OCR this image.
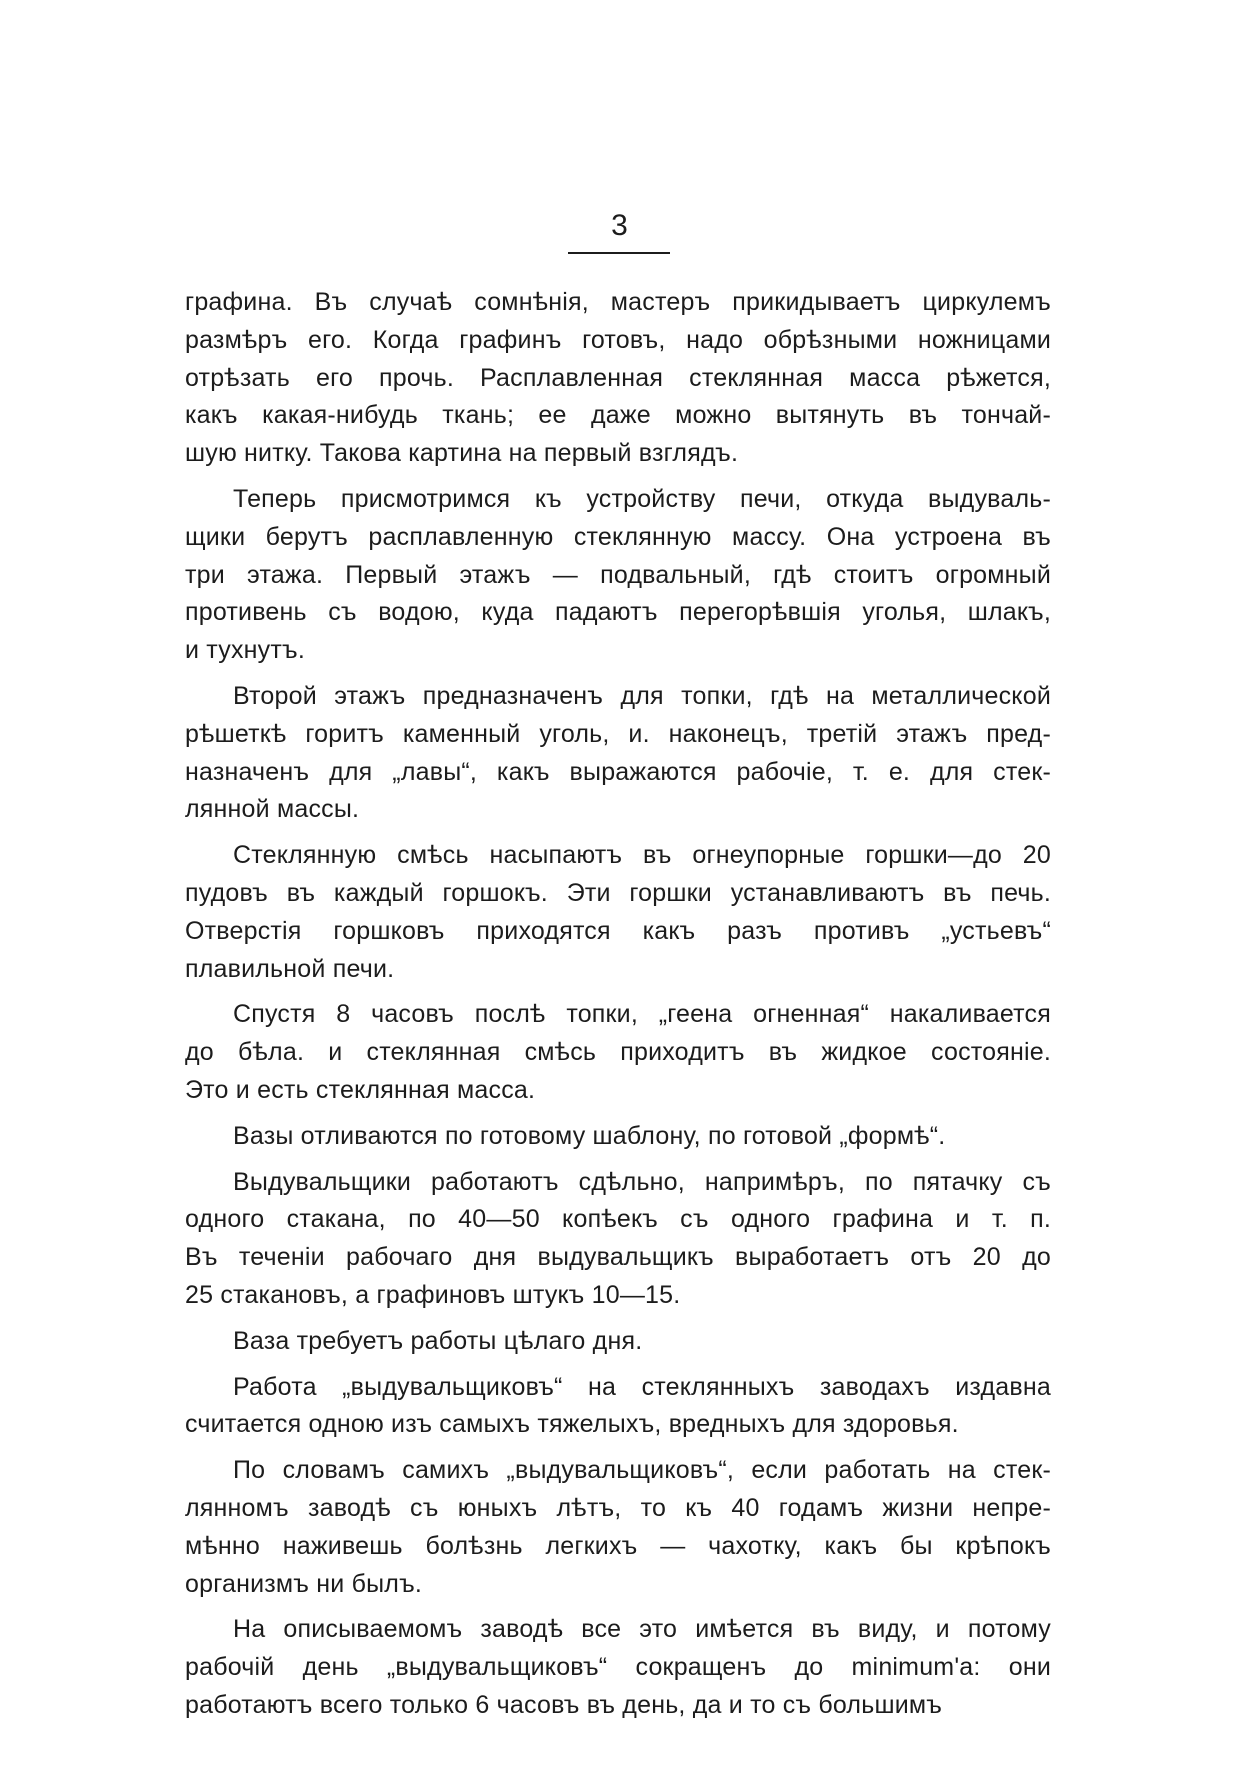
3
графина. Въ случаѣ сомнѣнія, мастеръ прикидываетъ циркулемъ
размѣръ его. Когда графинъ готовъ, надо обрѣзными ножницами
отрѣзать его прочь. Расплавленная стеклянная масса рѣжется,
какъ какая-нибудь ткань; ее даже можно вытянуть въ тончай-
шую нитку. Такова картина на первый взглядъ.
Теперь присмотримся къ устройству печи, откуда выдуваль-
щики берутъ расплавленную стеклянную массу. Она устроена въ
три этажа. Первый этажъ — подвальный, гдѣ стоитъ огромный
противень съ водою, куда падаютъ перегорѣвшія уголья, шлакъ,
и тухнутъ.
Второй этажъ предназначенъ для топки, гдѣ на металлической
рѣшеткѣ горитъ каменный уголь, и. наконецъ, третій этажъ пред-
назначенъ для „лавы“, какъ выражаются рабочіе, т. е. для стек-
лянной массы.
Стеклянную смѣсь насыпаютъ въ огнеупорные горшки—до 20
пудовъ въ каждый горшокъ. Эти горшки устанавливаютъ въ печь.
Отверстія горшковъ приходятся какъ разъ противъ „устьевъ“
плавильной печи.
Спустя 8 часовъ послѣ топки, „геена огненная“ накаливается
до бѣла. и стеклянная смѣсь приходитъ въ жидкое состояніе.
Это и есть стеклянная масса.
Вазы отливаются по готовому шаблону, по готовой „формѣ“.
Выдувальщики работаютъ сдѣльно, напримѣръ, по пятачку съ
одного стакана, по 40—50 копѣекъ съ одного графина и т. п.
Въ теченіи рабочаго дня выдувальщикъ выработаетъ отъ 20 до
25 стакановъ, а графиновъ штукъ 10—15.
Ваза требуетъ работы цѣлаго дня.
Работа „выдувальщиковъ“ на стеклянныхъ заводахъ издавна
считается одною изъ самыхъ тяжелыхъ, вредныхъ для здоровья.
По словамъ самихъ „выдувальщиковъ“, если работать на стек-
лянномъ заводѣ съ юныхъ лѣтъ, то къ 40 годамъ жизни непре-
мѣнно наживешь болѣзнь легкихъ — чахотку, какъ бы крѣпокъ
организмъ ни былъ.
На описываемомъ заводѣ все это имѣется въ виду, и потому
рабочій день „выдувальщиковъ“ сокращенъ до minimum'a: они
работаютъ всего только 6 часовъ въ день, да и то съ большимъ
